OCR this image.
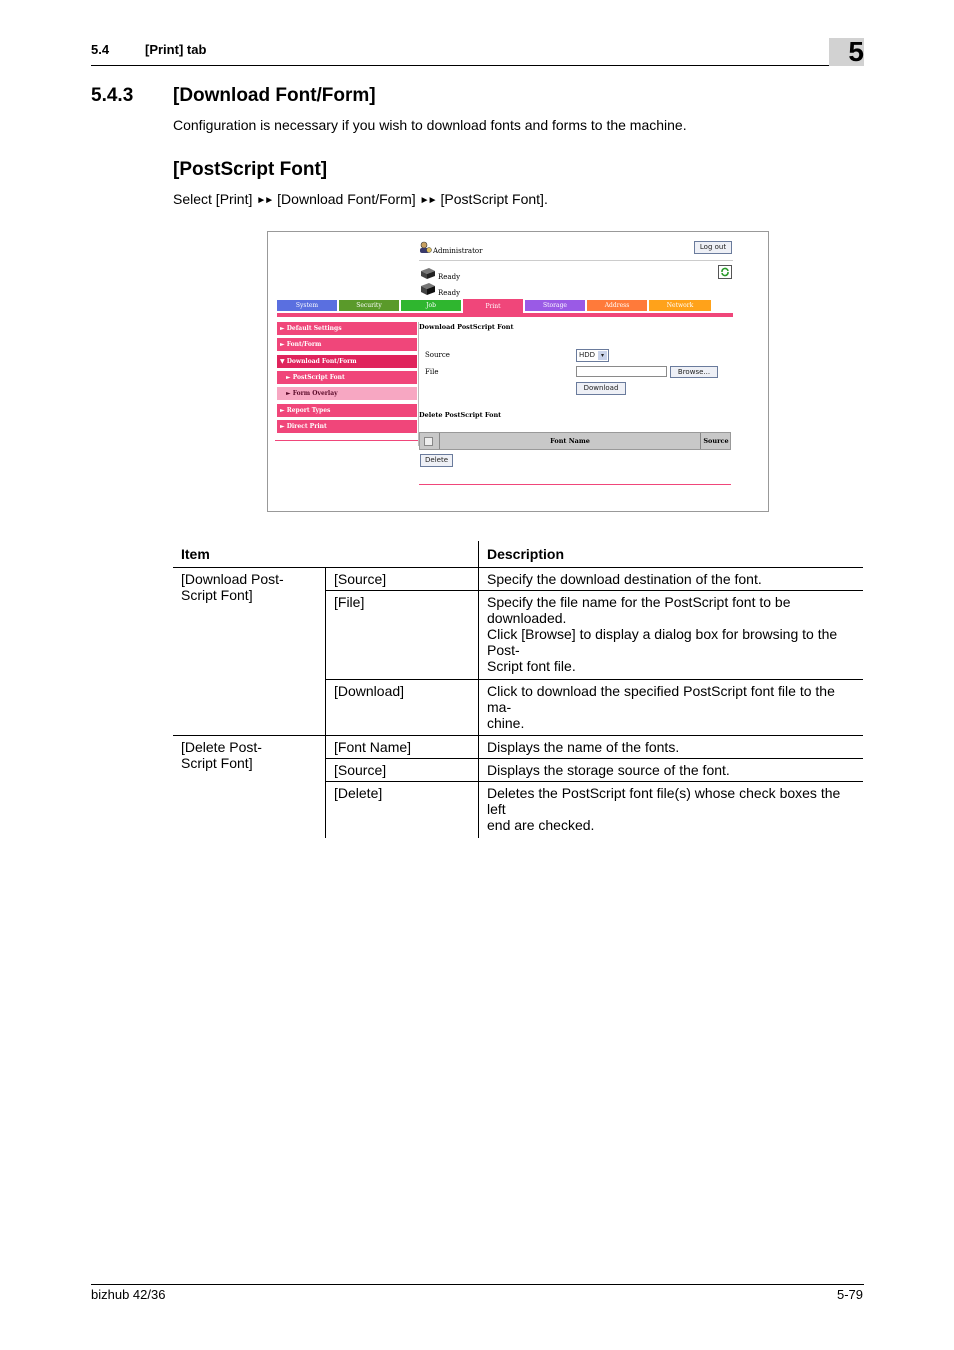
5.4	[Print] tab	5
5.4.3 [Download Font/Form]
Configuration is necessary if you wish to download fonts and forms to the machine.
[PostScript Font]
Select [Print] ►► [Download Font/Form] ►► [PostScript Font].
Administrator	Log out
Ready
Ready
System	Security	Job	Print	Storage	Address	Network
► Default Settings
► Font/Form
▼ Download Font/Form
► PostScript Font
► Form Overlay
► Report Types
► Direct Print
Download PostScript Font
Source	HDD ▾
File	Browse...
Download
Delete PostScript Font
Font Name	Source
Delete
Item		Description
[Download Post-
Script Font]	[Source]	Specify the download destination of the font.
	[File]	Specify the file name for the PostScript font to be downloaded.
Click [Browse] to display a dialog box for browsing to the Post-
Script font file.
	[Download]	Click to download the specified PostScript font file to the ma-
chine.
[Delete Post-
Script Font]	[Font Name]	Displays the name of the fonts.
	[Source]	Displays the storage source of the font.
	[Delete]	Deletes the PostScript font file(s) whose check boxes the left
end are checked.
bizhub 42/36	5-79
